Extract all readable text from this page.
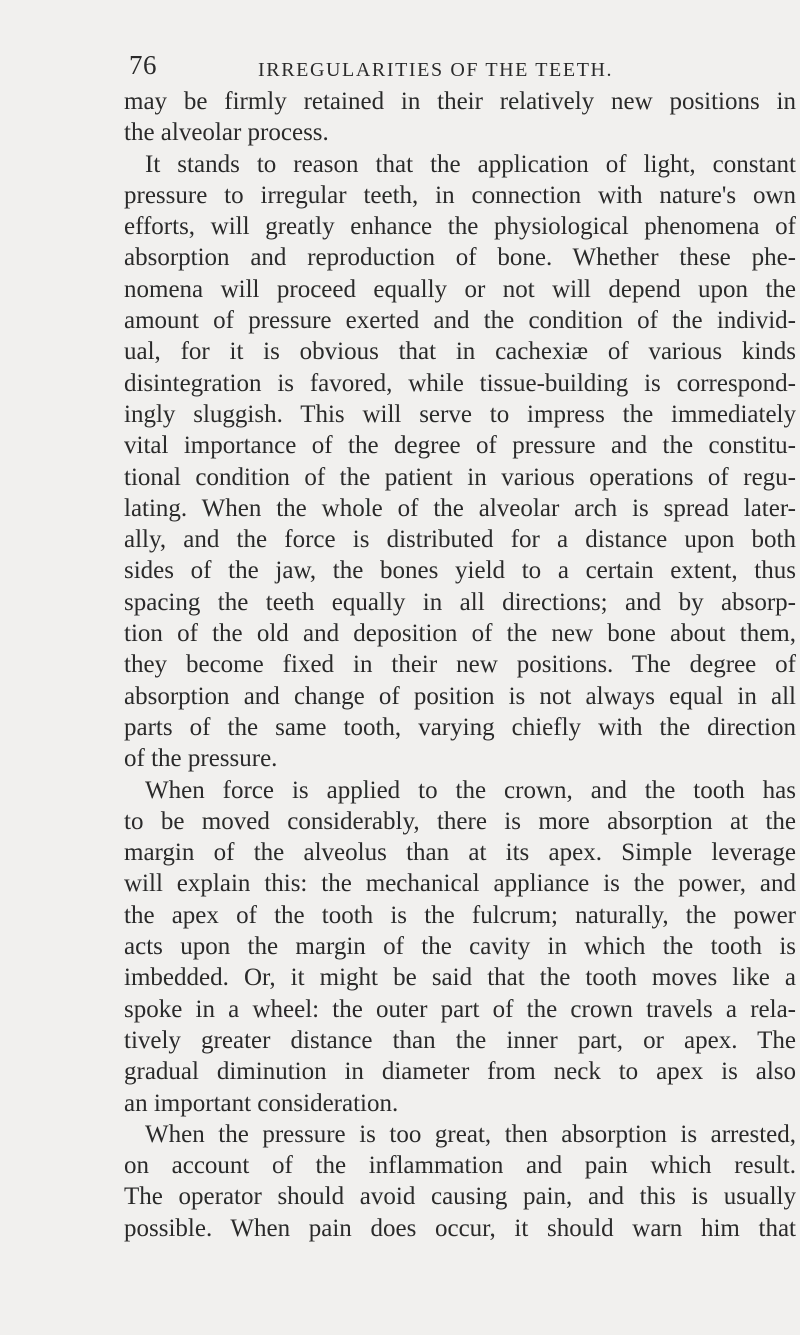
76	IRREGULARITIES OF THE TEETH.
may be firmly retained in their relatively new positions in
the alveolar process.
It stands to reason that the application of light, constant
pressure to irregular teeth, in connection with nature's own
efforts, will greatly enhance the physiological phenomena of
absorption and reproduction of bone. Whether these phe-
nomena will proceed equally or not will depend upon the
amount of pressure exerted and the condition of the individ-
ual, for it is obvious that in cachexiæ of various kinds
disintegration is favored, while tissue-building is correspond-
ingly sluggish. This will serve to impress the immediately
vital importance of the degree of pressure and the constitu-
tional condition of the patient in various operations of regu-
lating. When the whole of the alveolar arch is spread later-
ally, and the force is distributed for a distance upon both
sides of the jaw, the bones yield to a certain extent, thus
spacing the teeth equally in all directions; and by absorp-
tion of the old and deposition of the new bone about them,
they become fixed in their new positions. The degree of
absorption and change of position is not always equal in all
parts of the same tooth, varying chiefly with the direction
of the pressure.
When force is applied to the crown, and the tooth has
to be moved considerably, there is more absorption at the
margin of the alveolus than at its apex. Simple leverage
will explain this: the mechanical appliance is the power, and
the apex of the tooth is the fulcrum; naturally, the power
acts upon the margin of the cavity in which the tooth is
imbedded. Or, it might be said that the tooth moves like a
spoke in a wheel: the outer part of the crown travels a rela-
tively greater distance than the inner part, or apex. The
gradual diminution in diameter from neck to apex is also
an important consideration.
When the pressure is too great, then absorption is arrested,
on account of the inflammation and pain which result.
The operator should avoid causing pain, and this is usually
possible. When pain does occur, it should warn him that
